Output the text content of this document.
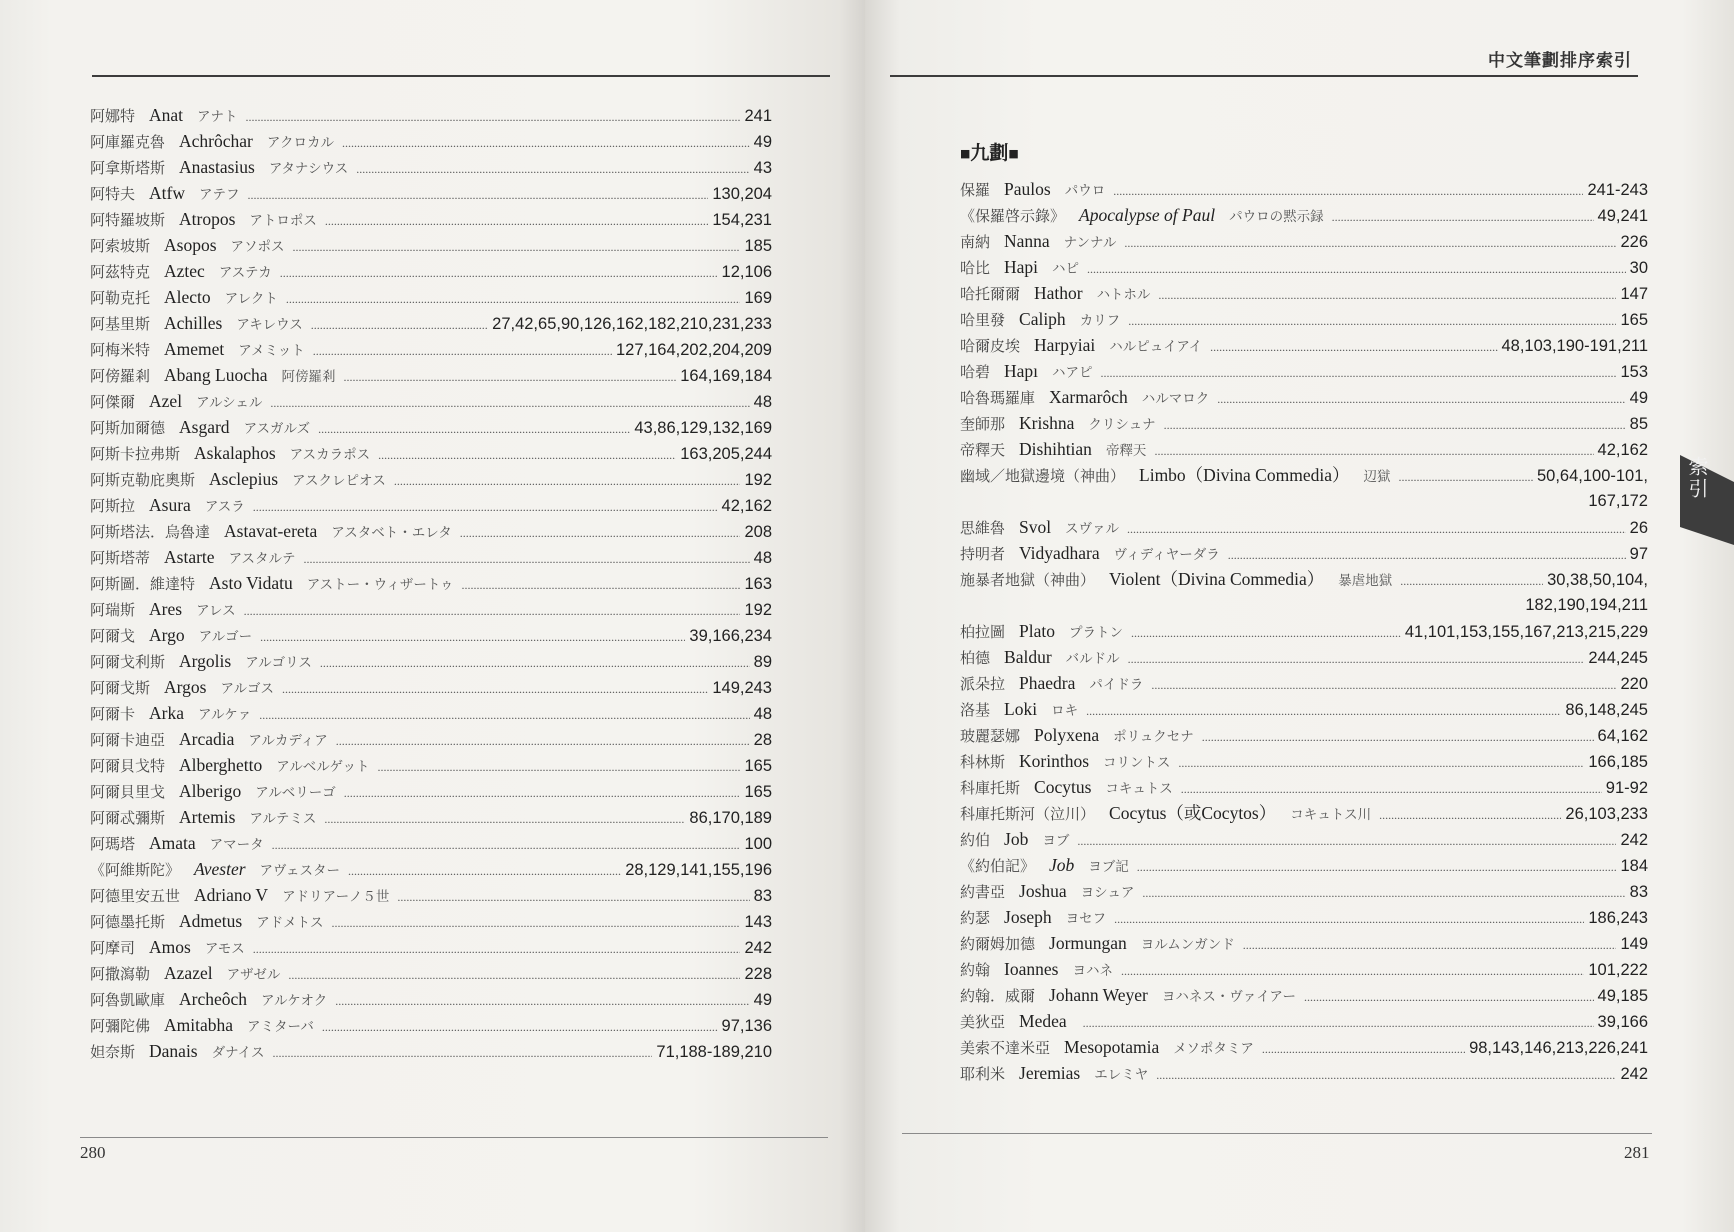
280
中文筆劃排序索引
■九劃■
281
索引
阿娜特 Anat アナト .....	241
阿庫羅克魯 Achrôchar アクロカル .....	49
阿拿斯塔斯 Anastasius アタナシウス .....	43
阿特夫 Atfw アテフ .....	130,204
阿特羅坡斯 Atropos アトロポス .....	154,231
阿索坡斯 Asopos アソポス .....	185
阿茲特克 Aztec アステカ .....	12,106
阿勒克托 Alecto アレクト .....	169
阿基里斯 Achilles アキレウス .....	27,42,65,90,126,162,182,210,231,233
阿梅米特 Amemet アメミット .....	127,164,202,204,209
阿傍羅剎 Abang Luocha 阿傍羅剎 .....	164,169,184
阿傑爾 Azel アルシェル .....	48
阿斯加爾德 Asgard アスガルズ .....	43,86,129,132,169
阿斯卡拉弗斯 Askalaphos アスカラポス .....	163,205,244
阿斯克勒庇奧斯 Asclepius アスクレピオス .....	192
阿斯拉 Asura アスラ .....	42,162
阿斯塔法．烏魯達 Astavat-ereta アスタベト・エレタ .....	208
阿斯塔蒂 Astarte アスタルテ .....	48
阿斯圖．維達特 Asto Vidatu アストー・ウィザートゥ .....	163
阿瑞斯 Ares アレス .....	192
阿爾戈 Argo アルゴー .....	39,166,234
阿爾戈利斯 Argolis アルゴリス .....	89
阿爾戈斯 Argos アルゴス .....	149,243
阿爾卡 Arka アルケァ .....	48
阿爾卡迪亞 Arcadia アルカディア .....	28
阿爾貝戈特 Alberghetto アルベルゲット .....	165
阿爾貝里戈 Alberigo アルベリーゴ .....	165
阿爾忒彌斯 Artemis アルテミス .....	86,170,189
阿瑪塔 Amata アマータ .....	100
《阿維斯陀》 Avester アヴェスター .....	28,129,141,155,196
阿德里安五世 Adriano V アドリアーノ５世 .....	83
阿德墨托斯 Admetus アドメトス .....	143
阿摩司 Amos アモス .....	242
阿撒瀉勒 Azazel アザゼル .....	228
阿魯凱歐庫 Archeôch アルケオク .....	49
阿彌陀佛 Amitabha アミターバ .....	97,136
妲奈斯 Danais ダナイス .....	71,188-189,210
保羅 Paulos パウロ .....	241-243
《保羅啓示錄》 Apocalypse of Paul パウロの黙示録 .....	49,241
南納 Nanna ナンナル .....	226
哈比 Hapi ハピ .....	30
哈托爾爾 Hathor ハトホル .....	147
哈里發 Caliph カリフ .....	165
哈爾皮埃 Harpyiai ハルピュイアイ .....	48,103,190-191,211
哈碧 Hapı ハアピ .....	153
哈魯瑪羅庫 Xarmarôch ハルマロク .....	49
奎師那 Krishna クリシュナ .....	85
帝釋天 Dishihtian 帝釋天 .....	42,162
幽域／地獄邊境（神曲） Limbo（Divina Commedia） 辺獄 .....	50,64,100-101,
167,172
思維魯 Svol スヴァル .....	26
持明者 Vidyadhara ヴィディヤーダラ .....	97
施暴者地獄（神曲） Violent（Divina Commedia） 暴虐地獄 .....	30,38,50,104,
182,190,194,211
柏拉圖 Plato プラトン .....	41,101,153,155,167,213,215,229
柏德 Baldur バルドル .....	244,245
派朵拉 Phaedra パイドラ .....	220
洛基 Loki ロキ .....	86,148,245
玻麗瑟娜 Polyxena ポリュクセナ .....	64,162
科林斯 Korinthos コリントス .....	166,185
科庫托斯 Cocytus コキュトス .....	91-92
科庫托斯河（泣川） Cocytus（或Cocytos） コキュトス川 .....	26,103,233
約伯 Job ヨブ .....	242
《約伯記》 Job ヨブ記 .....	184
約書亞 Joshua ヨシュア .....	83
約瑟 Joseph ヨセフ .....	186,243
約爾姆加德 Jormungan ヨルムンガンド .....	149
約翰 Ioannes ヨハネ .....	101,222
約翰．威爾 Johann Weyer ヨハネス・ヴァイアー .....	49,185
美狄亞 Medea .....	39,166
美索不達米亞 Mesopotamia メソポタミア .....	98,143,146,213,226,241
耶利米 Jeremias エレミヤ .....	242
